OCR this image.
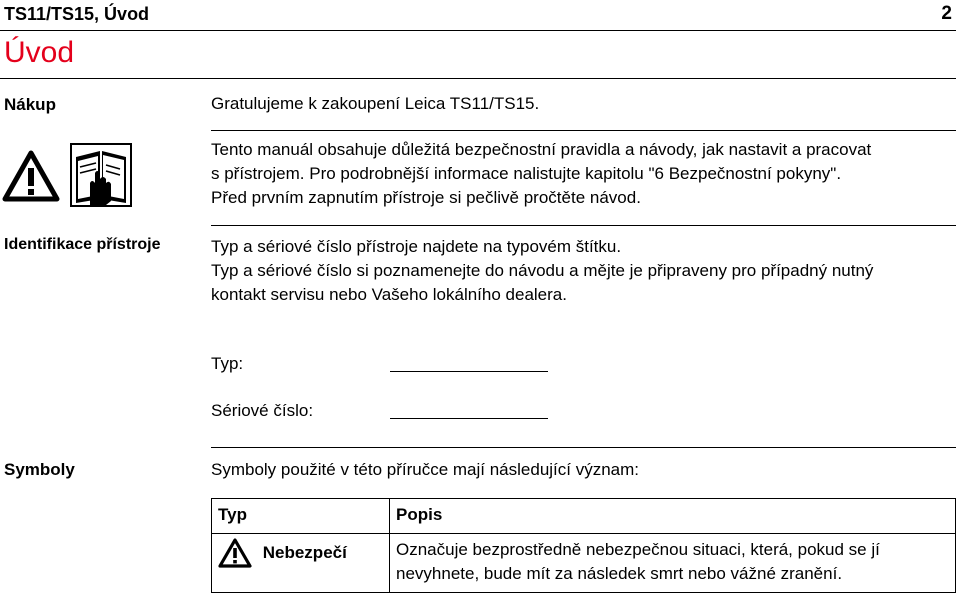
TS11/TS15, Úvod	2
Úvod
Nákup	Gratulujeme k zakoupení Leica TS11/TS15.
Tento manuál obsahuje důležitá bezpečnostní pravidla a návody, jak nastavit a pracovat
s přístrojem. Pro podrobnější informace nalistujte kapitolu "6 Bezpečnostní pokyny".
Před prvním zapnutím přístroje si pečlivě pročtěte návod.
Identifikace přístroje	Typ a sériové číslo přístroje najdete na typovém štítku.
Typ a sériové číslo si poznamenejte do návodu a mějte je připraveny pro případný nutný
kontakt servisu nebo Vašeho lokálního dealera.
Typ:
Sériové číslo:
Symboly	Symboly použité v této příručce mají následující význam:
Typ	Popis
Nebezpečí	Označuje bezprostředně nebezpečnou situaci, která, pokud se jí
nevyhnete, bude mít za následek smrt nebo vážné zranění.
